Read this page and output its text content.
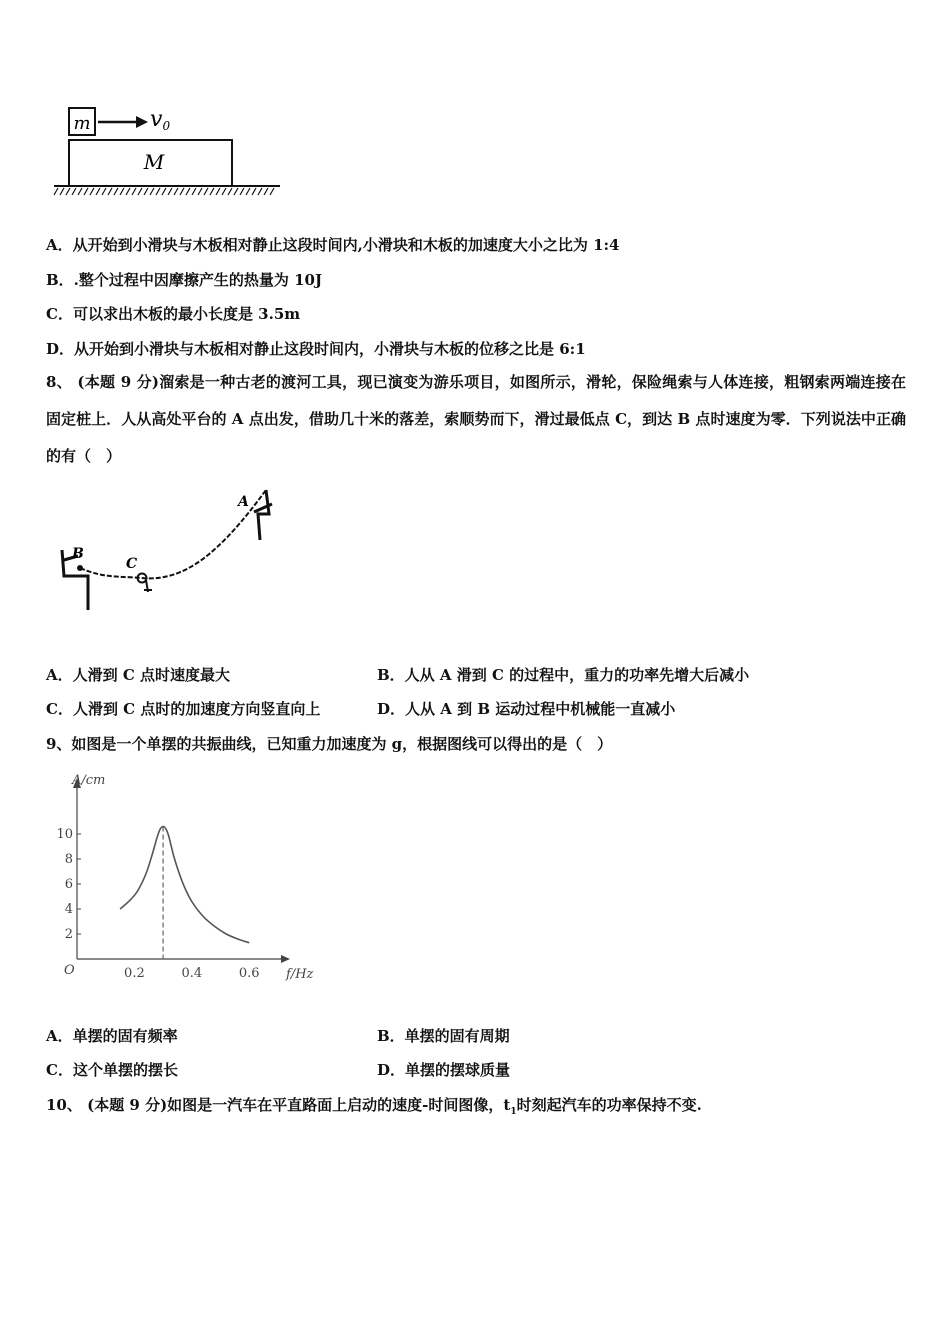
m	v0
M
A．从开始到小滑块与木板相对静止这段时间内,小滑块和木板的加速度大小之比为 1:4
B．.整个过程中因摩擦产生的热量为 10J
C．可以求出木板的最小长度是 3.5m
D．从开始到小滑块与木板相对静止这段时间内，小滑块与木板的位移之比是 6:1
8、 (本题 9 分)溜索是一种古老的渡河工具，现已演变为游乐项目，如图所示，滑轮，保险绳索与人体连接，粗钢索两端连接在固定桩上．人从高处平台的 A 点出发，借助几十米的落差，索顺势而下，滑过最低点 C，到达 B 点时速度为零．下列说法中正确的有（　）
B
C
A
A．人滑到 C 点时速度最大	B．人从 A 滑到 C 的过程中，重力的功率先增大后减小
C．人滑到 C 点时的加速度方向竖直向上	D．人从 A 到 B 运动过程中机械能一直减小
9、如图是一个单摆的共振曲线，已知重力加速度为 g，根据图线可以得出的是（　）
A/cm
f/Hz
O	0.2	0.4	0.6
2
4
6
8
10
A．单摆的固有频率	B．单摆的固有周期
C．这个单摆的摆长	D．单摆的摆球质量
10、 (本题 9 分)如图是一汽车在平直路面上启动的速度-时间图像，$t_1$时刻起汽车的功率保持不变.
